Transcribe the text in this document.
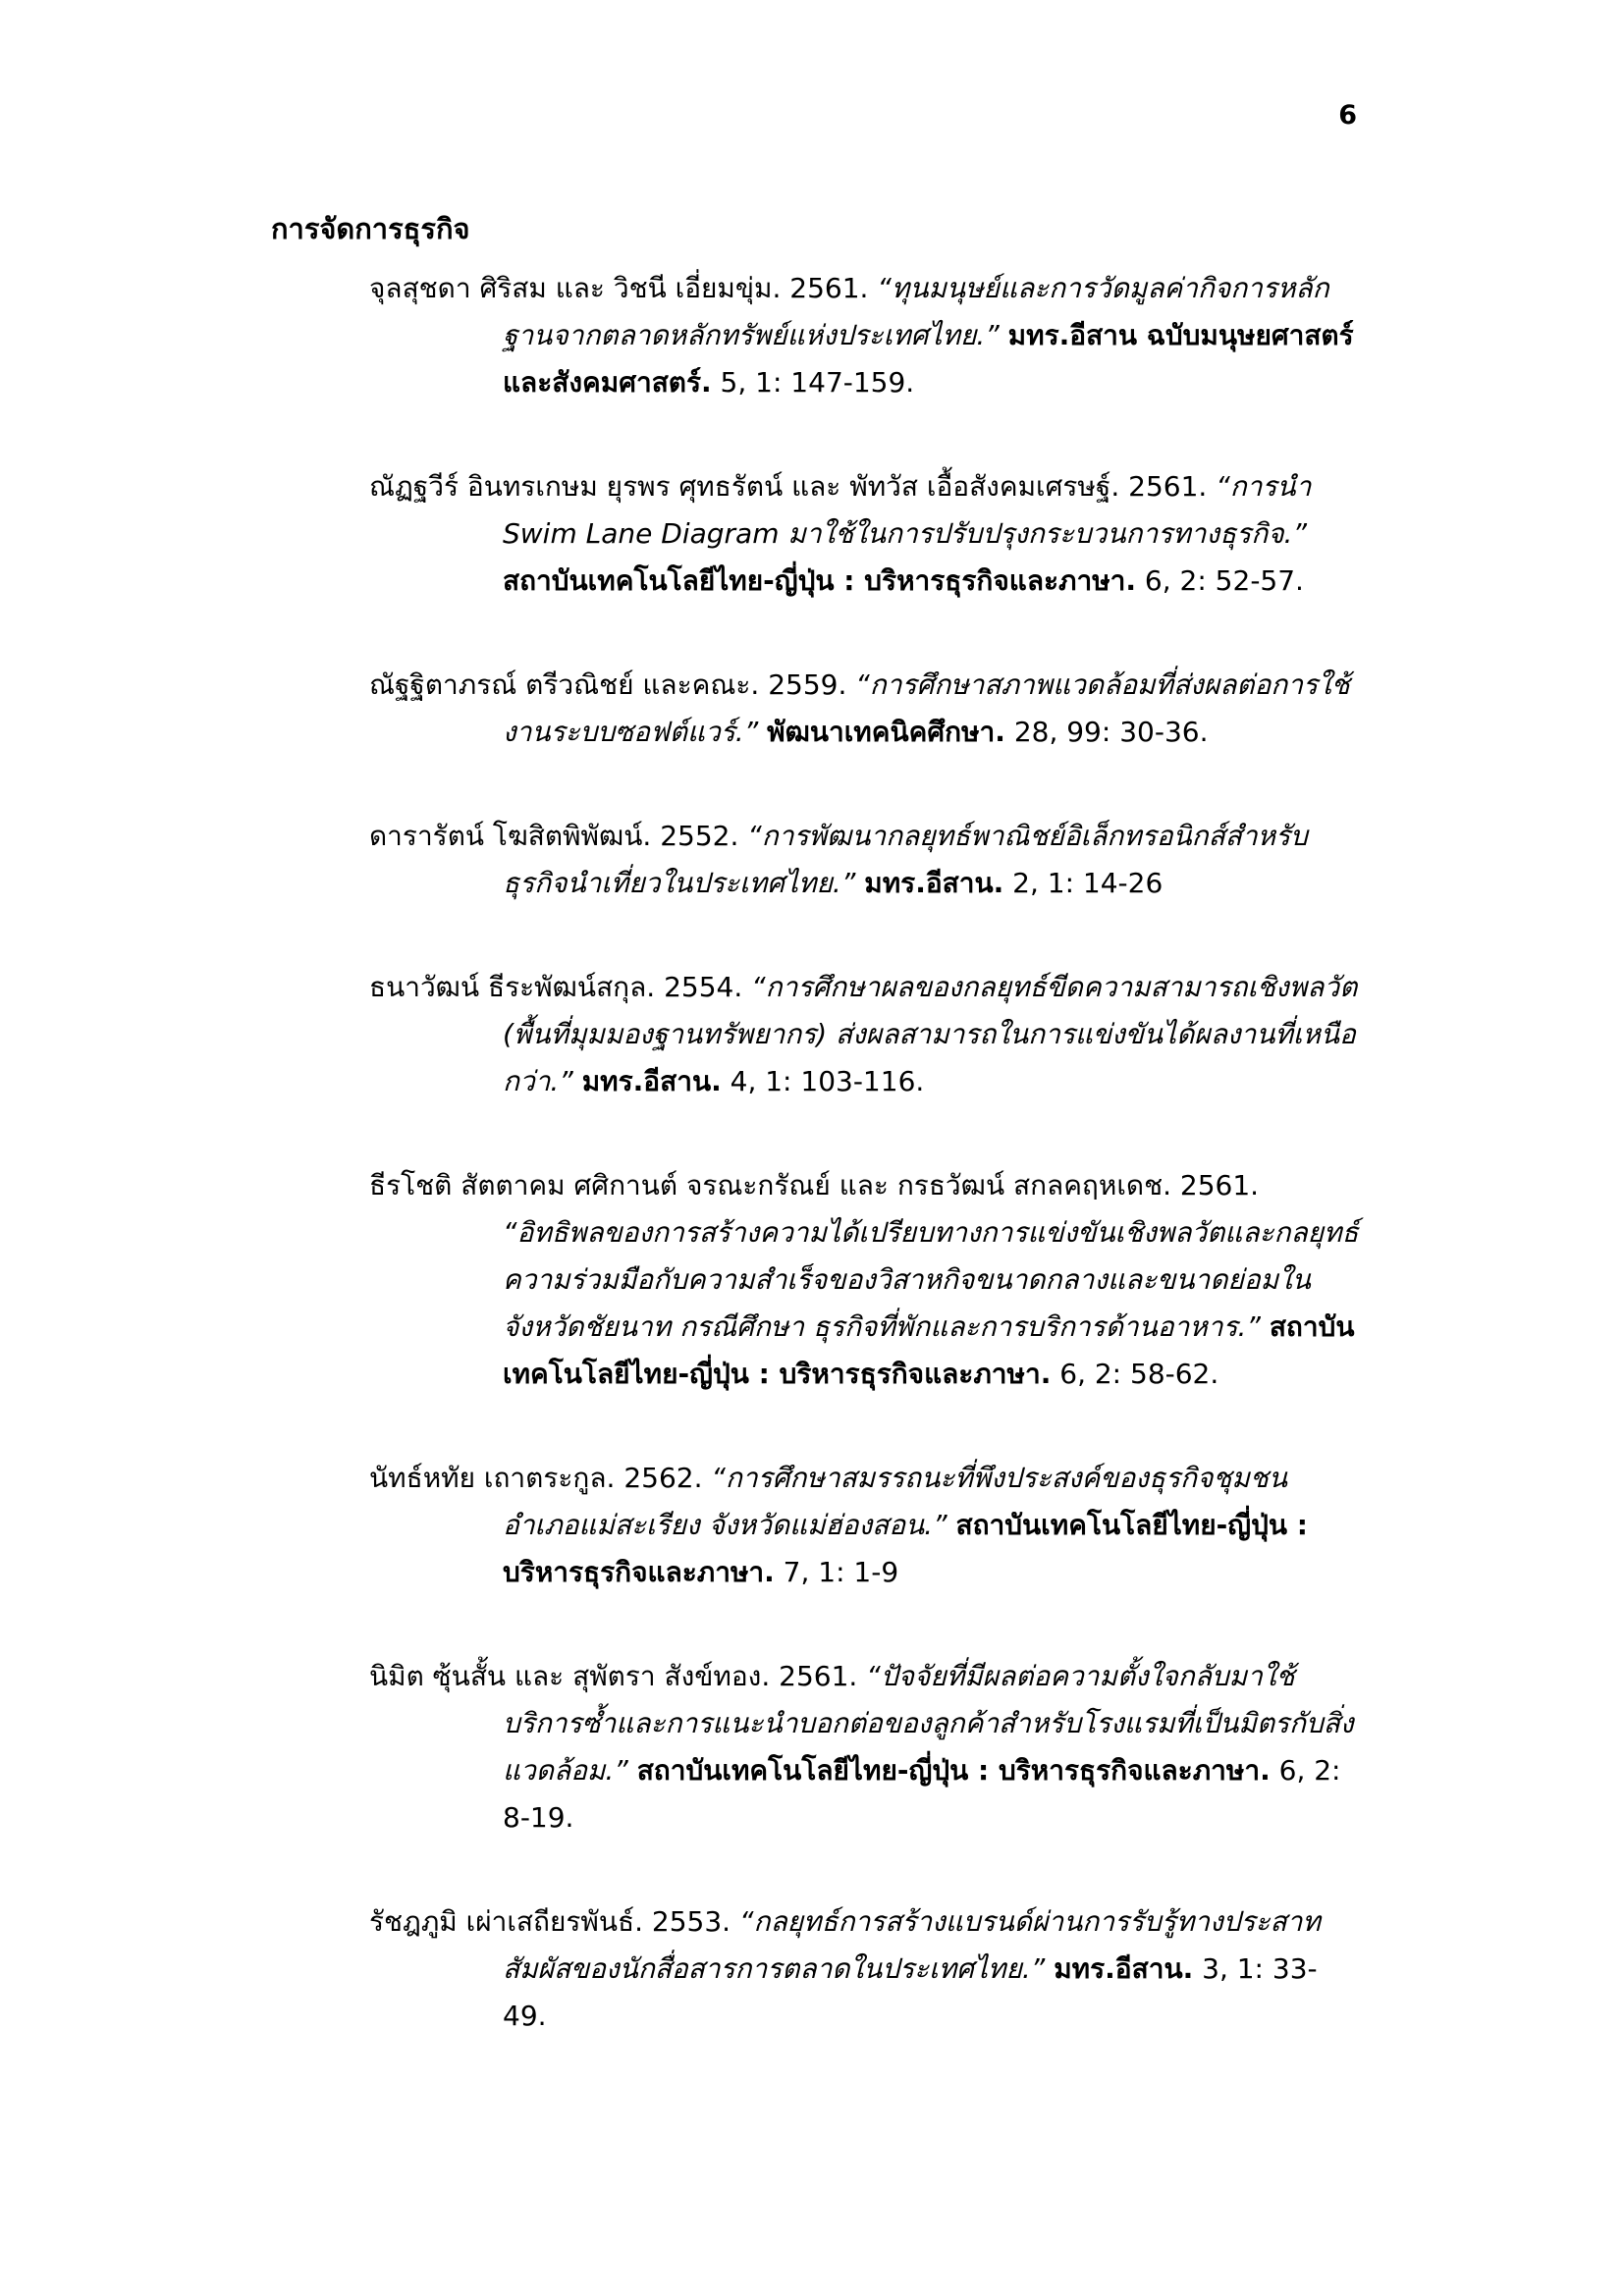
6
การจัดการธุรกิจ

จุลสุชดา ศิริสม และ วิชนี เอี่ยมขุ่ม. 2561. “ทุนมนุษย์และการวัดมูลค่ากิจการหลักฐานจากตลาดหลักทรัพย์แห่งประเทศไทย.” มทร.อีสาน ฉบับมนุษยศาสตร์และสังคมศาสตร์. 5, 1: 147-159.

ณัฏฐวีร์ อินทรเกษม ยุรพร ศุทธรัตน์ และ พัทวัส เอื้อสังคมเศรษฐ์. 2561. “การนำ Swim Lane Diagram มาใช้ในการปรับปรุงกระบวนการทางธุรกิจ.” สถาบันเทคโนโลยีไทย-ญี่ปุ่น : บริหารธุรกิจและภาษา. 6, 2: 52-57.

ณัฐฐิตาภรณ์ ตรีวณิชย์ และคณะ. 2559. “การศึกษาสภาพแวดล้อมที่ส่งผลต่อการใช้งานระบบซอฟต์แวร์.” พัฒนาเทคนิคศึกษา. 28, 99: 30-36.

ดารารัตน์ โฆสิตพิพัฒน์. 2552. “การพัฒนากลยุทธ์พาณิชย์อิเล็กทรอนิกส์สำหรับธุรกิจนำเที่ยวในประเทศไทย.” มทร.อีสาน. 2, 1: 14-26

ธนาวัฒน์ ธีระพัฒน์สกุล. 2554. “การศึกษาผลของกลยุทธ์ขีดความสามารถเชิงพลวัต (พื้นที่มุมมองฐานทรัพยากร) ส่งผลสามารถในการแข่งขันได้ผลงานที่เหนือกว่า.” มทร.อีสาน. 4, 1: 103-116.

ธีรโชติ สัตตาคม ศศิกานต์ จรณะกรัณย์ และ กรธวัฒน์ สกลคฤหเดช. 2561. “อิทธิพลของการสร้างความได้เปรียบทางการแข่งขันเชิงพลวัตและกลยุทธ์ความร่วมมือกับความสำเร็จของวิสาหกิจขนาดกลางและขนาดย่อมในจังหวัดชัยนาท กรณีศึกษา ธุรกิจที่พักและการบริการด้านอาหาร.” สถาบันเทคโนโลยีไทย-ญี่ปุ่น : บริหารธุรกิจและภาษา. 6, 2: 58-62.

นัทธ์หทัย เถาตระกูล. 2562. “การศึกษาสมรรถนะที่พึงประสงค์ของธุรกิจชุมชนอำเภอแม่สะเรียง จังหวัดแม่ฮ่องสอน.” สถาบันเทคโนโลยีไทย-ญี่ปุ่น : บริหารธุรกิจและภาษา. 7, 1: 1-9

นิมิต ซุ้นสั้น และ สุพัตรา สังข์ทอง. 2561. “ปัจจัยที่มีผลต่อความตั้งใจกลับมาใช้บริการซ้ำและการแนะนำบอกต่อของลูกค้าสำหรับโรงแรมที่เป็นมิตรกับสิ่งแวดล้อม.” สถาบันเทคโนโลยีไทย-ญี่ปุ่น : บริหารธุรกิจและภาษา. 6, 2: 8-19.

รัชฎภูมิ เผ่าเสถียรพันธ์. 2553. “กลยุทธ์การสร้างแบรนด์ผ่านการรับรู้ทางประสาทสัมผัสของนักสื่อสารการตลาดในประเทศไทย.” มทร.อีสาน. 3, 1: 33-49.
